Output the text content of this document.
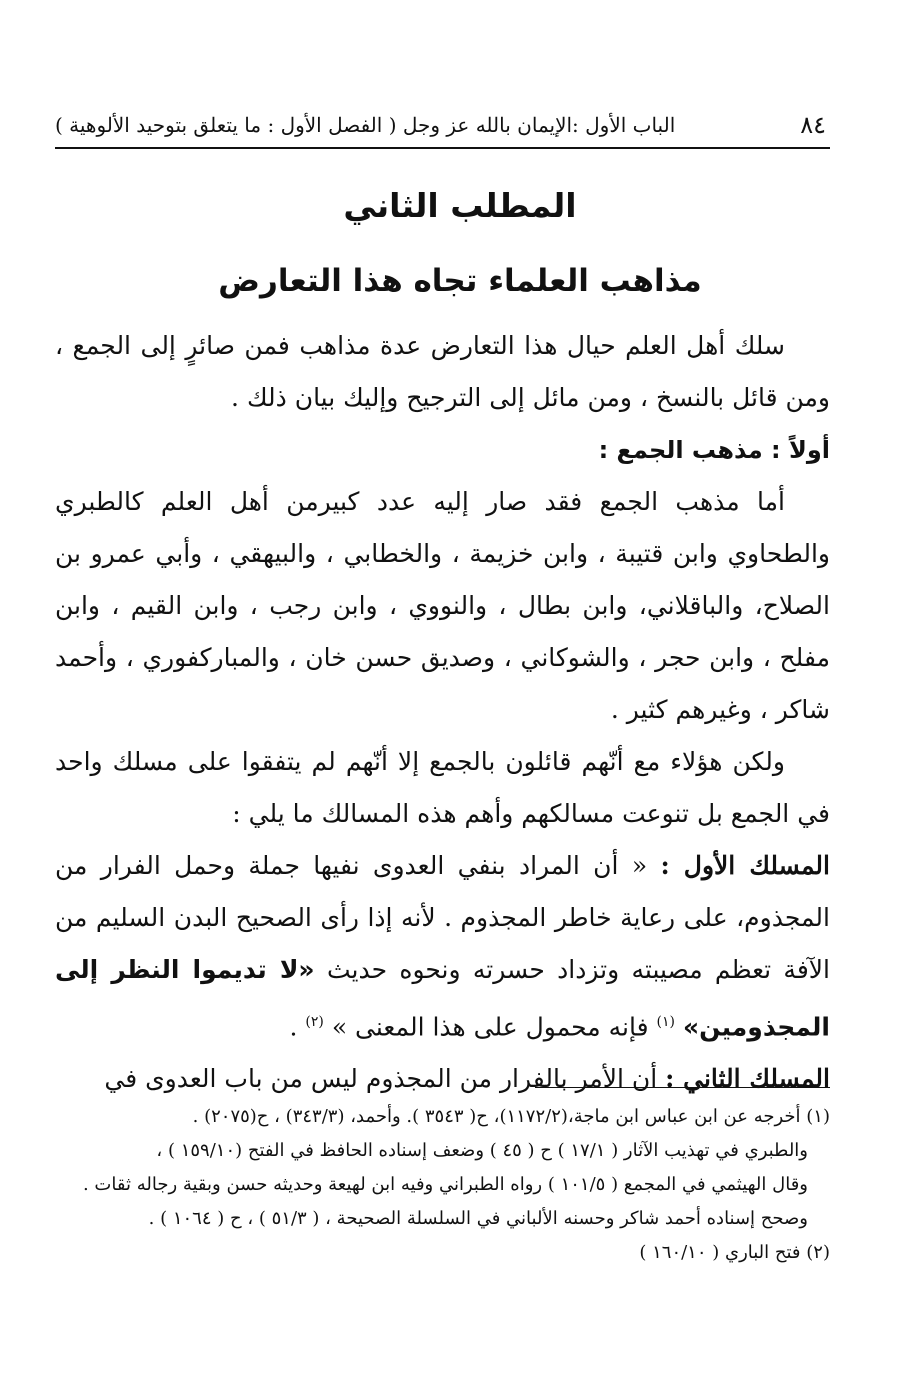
٨٤
الباب الأول :الإيمان بالله عز وجل ( الفصل الأول : ما يتعلق بتوحيد الألوهية )
المطلب الثاني
مذاهب العلماء تجاه هذا التعارض

سلك أهل العلم حيال هذا التعارض عدة مذاهب فمن صائرٍ إلى الجمع ، ومن قائل بالنسخ ، ومن مائل إلى الترجيح وإليك بيان ذلك .

أولاً : مذهب الجمع :

أما مذهب الجمع فقد صار إليه عدد كبيرمن أهل العلم كالطبري والطحاوي وابن قتيبة ، وابن خزيمة ، والخطابي ، والبيهقي ، وأبي عمرو بن الصلاح، والباقلاني، وابن بطال ، والنووي ، وابن رجب ، وابن القيم ، وابن مفلح ، وابن حجر ، والشوكاني ، وصديق حسن خان ، والمباركفوري ، وأحمد شاكر ، وغيرهم كثير .

ولكن هؤلاء مع أنّهم قائلون بالجمع إلا أنّهم لم يتفقوا على مسلك واحد في الجمع بل تنوعت مسالكهم وأهم هذه المسالك ما يلي :

المسلك الأول : « أن المراد بنفي العدوى نفيها جملة وحمل الفرار من المجذوم، على رعاية خاطر المجذوم . لأنه إذا رأى الصحيح البدن السليم من الآفة تعظم مصيبته وتزداد حسرته ونحوه حديث «لا تديموا النظر إلى المجذومين» $^{(١)}$ فإنه محمول على هذا المعنى » $^{(٢)}$ .

المسلك الثاني : أن الأمر بالفرار من المجذوم ليس من باب العدوى في

(١) أخرجه عن ابن عباس ابن ماجة،(١١٧٢/٢)، ح( ٣٥٤٣ ). وأحمد، (٣٤٣/٣) ، ح(٢٠٧٥) .

والطبري في تهذيب الآثار ( ١٧/١ ) ح ( ٤٥ ) وضعف إسناده الحافظ في الفتح (١٥٩/١٠ ) ،

وقال الهيثمي في المجمع ( ١٠١/٥ ) رواه الطبراني وفيه ابن لهيعة وحديثه حسن وبقية رجاله ثقات .

وصحح إسناده أحمد شاكر وحسنه الألباني في السلسلة الصحيحة ، ( ٥١/٣ ) ، ح ( ١٠٦٤ ) .

(٢) فتح الباري ( ١٦٠/١٠ )
